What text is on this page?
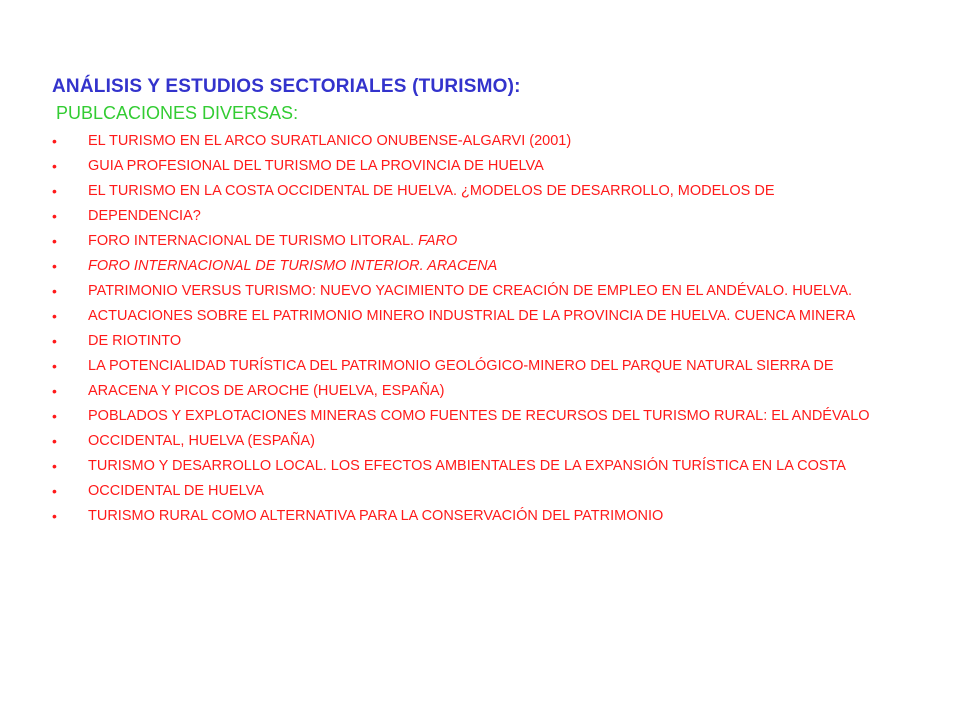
ANÁLISIS Y ESTUDIOS SECTORIALES (TURISMO):
PUBLCACIONES DIVERSAS:
• EL TURISMO EN EL ARCO SURATLANICO ONUBENSE-ALGARVI (2001)
• GUIA PROFESIONAL DEL TURISMO DE LA PROVINCIA DE HUELVA
• EL TURISMO EN LA COSTA OCCIDENTAL DE HUELVA. ¿MODELOS DE DESARROLLO, MODELOS DE
• DEPENDENCIA?
• FORO INTERNACIONAL DE TURISMO LITORAL. FARO
• FORO INTERNACIONAL DE TURISMO INTERIOR. ARACENA
• PATRIMONIO VERSUS TURISMO: NUEVO YACIMIENTO DE CREACIÓN DE EMPLEO EN EL ANDÉVALO. HUELVA.
• ACTUACIONES SOBRE EL PATRIMONIO MINERO INDUSTRIAL DE LA PROVINCIA DE HUELVA. CUENCA MINERA
• DE RIOTINTO
• LA POTENCIALIDAD TURÍSTICA DEL PATRIMONIO GEOLÓGICO-MINERO DEL PARQUE NATURAL SIERRA DE
• ARACENA Y PICOS DE AROCHE (HUELVA, ESPAÑA)
• POBLADOS Y EXPLOTACIONES MINERAS COMO FUENTES DE RECURSOS DEL TURISMO RURAL: EL ANDÉVALO
• OCCIDENTAL, HUELVA (ESPAÑA)
• TURISMO Y DESARROLLO LOCAL. LOS EFECTOS AMBIENTALES DE LA EXPANSIÓN TURÍSTICA EN LA COSTA
• OCCIDENTAL DE HUELVA
• TURISMO RURAL COMO ALTERNATIVA PARA LA CONSERVACIÓN DEL PATRIMONIO
